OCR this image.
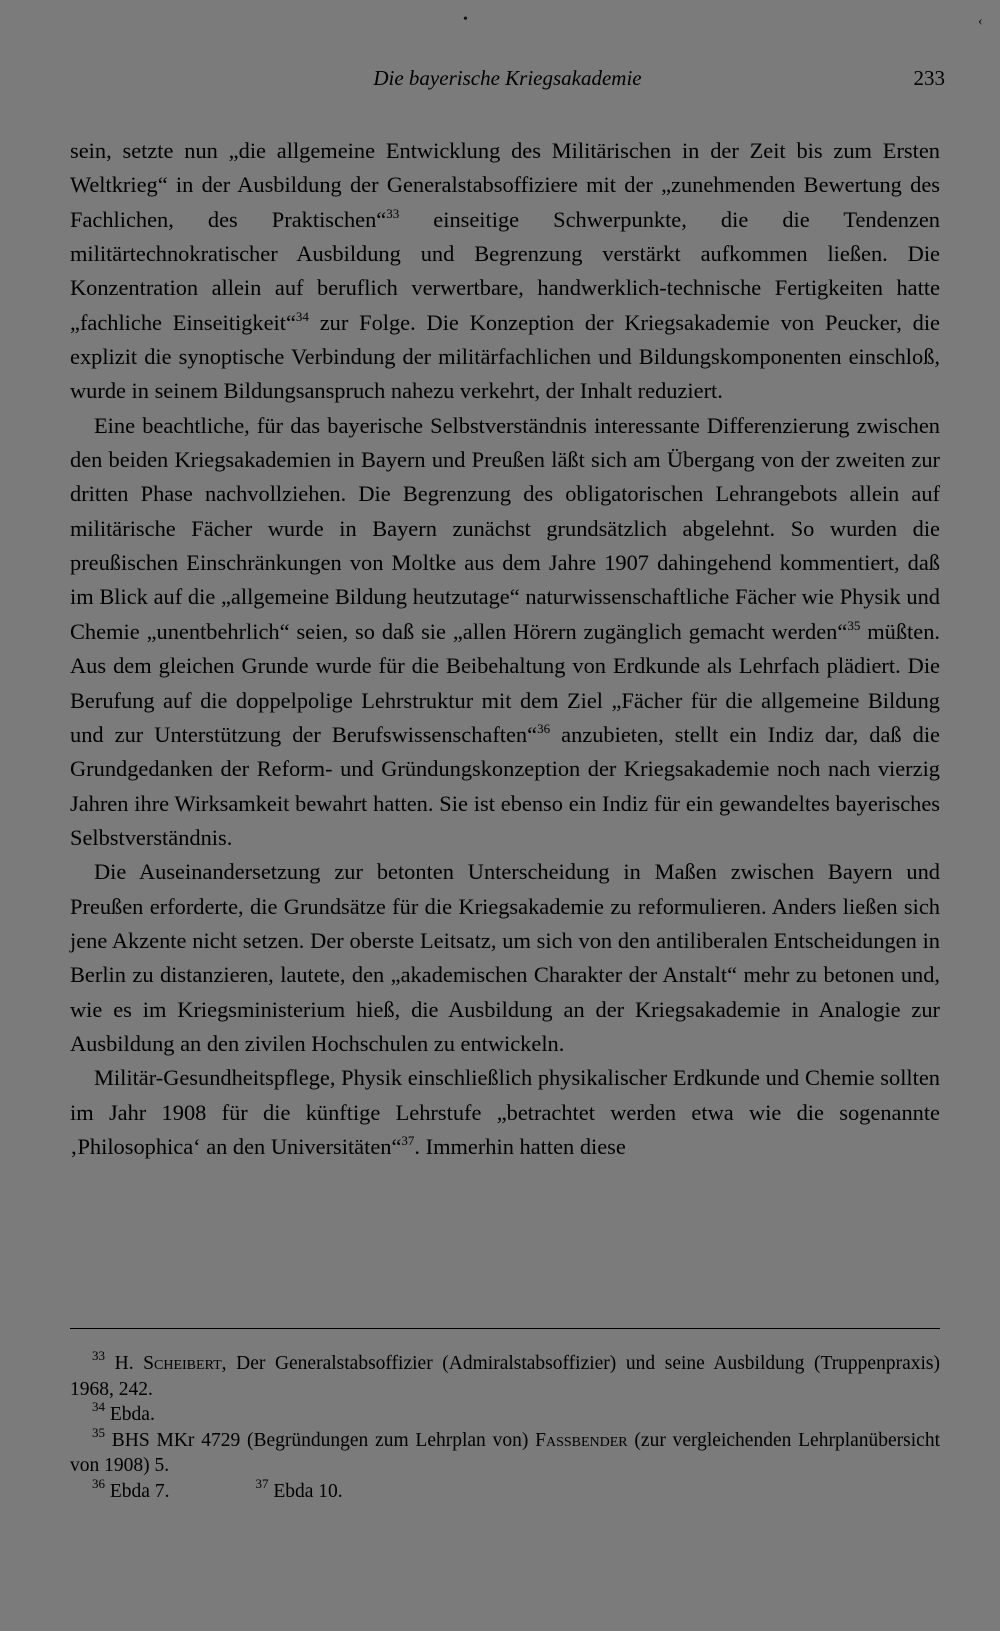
•	‹
Die bayerische Kriegsakademie	233

sein, setzte nun „die allgemeine Entwicklung des Militärischen in der Zeit bis zum Ersten Weltkrieg“ in der Ausbildung der Generalstabsoffiziere mit der „zunehmenden Bewertung des Fachlichen, des Praktischen“$^{33}$ einseitige Schwerpunkte, die die Tendenzen militärtechnokratischer Ausbildung und Begrenzung verstärkt aufkommen ließen. Die Konzentration allein auf beruflich verwertbare, handwerklich-technische Fertigkeiten hatte „fachliche Einseitigkeit“$^{34}$ zur Folge. Die Konzeption der Kriegsakademie von Peucker, die explizit die synoptische Verbindung der militärfachlichen und Bildungskomponenten einschloß, wurde in seinem Bildungsanspruch nahezu verkehrt, der Inhalt reduziert.

Eine beachtliche, für das bayerische Selbstverständnis interessante Differenzierung zwischen den beiden Kriegsakademien in Bayern und Preußen läßt sich am Übergang von der zweiten zur dritten Phase nachvollziehen. Die Begrenzung des obligatorischen Lehrangebots allein auf militärische Fächer wurde in Bayern zunächst grundsätzlich abgelehnt. So wurden die preußischen Einschränkungen von Moltke aus dem Jahre 1907 dahingehend kommentiert, daß im Blick auf die „allgemeine Bildung heutzutage“ naturwissenschaftliche Fächer wie Physik und Chemie „unentbehrlich“ seien, so daß sie „allen Hörern zugänglich gemacht werden“$^{35}$ müßten. Aus dem gleichen Grunde wurde für die Beibehaltung von Erdkunde als Lehrfach plädiert. Die Berufung auf die doppelpolige Lehrstruktur mit dem Ziel „Fächer für die allgemeine Bildung und zur Unterstützung der Berufswissenschaften“$^{36}$ anzubieten, stellt ein Indiz dar, daß die Grundgedanken der Reform- und Gründungskonzeption der Kriegsakademie noch nach vierzig Jahren ihre Wirksamkeit bewahrt hatten. Sie ist ebenso ein Indiz für ein gewandeltes bayerisches Selbstverständnis.

Die Auseinandersetzung zur betonten Unterscheidung in Maßen zwischen Bayern und Preußen erforderte, die Grundsätze für die Kriegsakademie zu reformulieren. Anders ließen sich jene Akzente nicht setzen. Der oberste Leitsatz, um sich von den antiliberalen Entscheidungen in Berlin zu distanzieren, lautete, den „akademischen Charakter der Anstalt“ mehr zu betonen und, wie es im Kriegsministerium hieß, die Ausbildung an der Kriegsakademie in Analogie zur Ausbildung an den zivilen Hochschulen zu entwickeln.

Militär-Gesundheitspflege, Physik einschließlich physikalischer Erdkunde und Chemie sollten im Jahr 1908 für die künftige Lehrstufe „betrachtet werden etwa wie die sogenannte ‚Philosophica‘ an den Universitäten“$^{37}$. Immerhin hatten diese

$^{33}$ H. Scheibert, Der Generalstabsoffizier (Admiralstabsoffizier) und seine Ausbildung (Truppenpraxis) 1968, 242.

$^{34}$ Ebda.

$^{35}$ BHS MKr 4729 (Begründungen zum Lehrplan von) Fassbender (zur vergleichenden Lehrplanübersicht von 1908) 5.

$^{36}$ Ebda 7.	$^{37}$ Ebda 10.
